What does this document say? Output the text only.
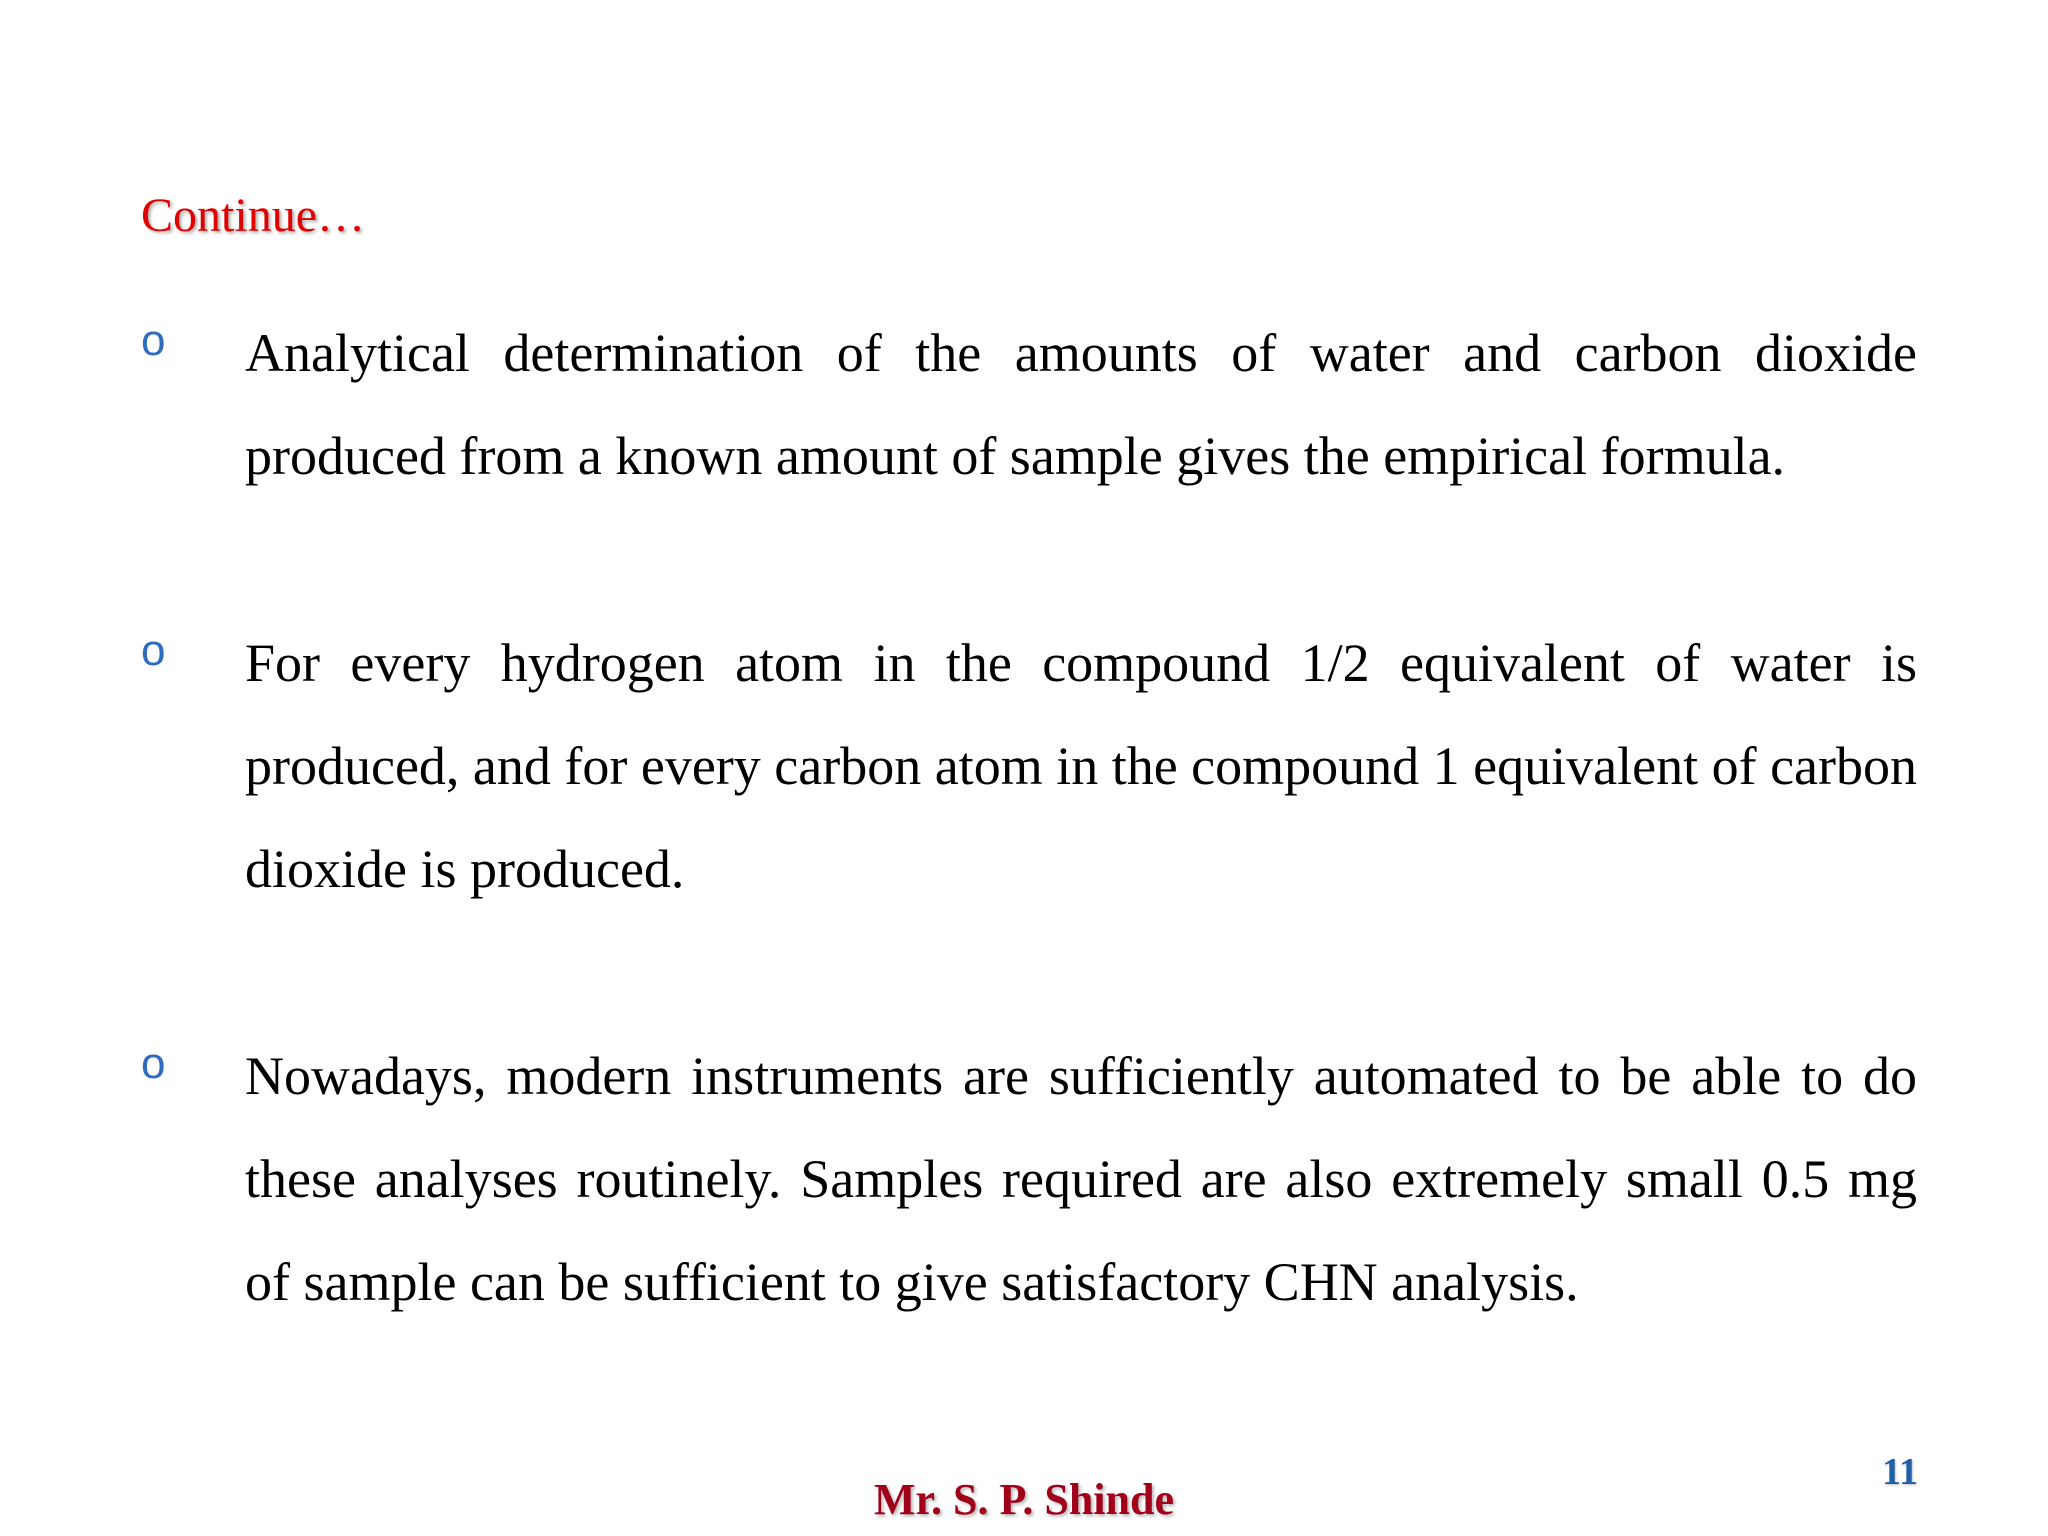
Continue…
o Analytical determination of the amounts of water and carbon dioxide produced from a known amount of sample gives the empirical formula.

o For every hydrogen atom in the compound 1/2 equivalent of water is produced, and for every carbon atom in the compound 1 equivalent of carbon dioxide is produced.

o Nowadays, modern instruments are sufficiently automated to be able to do these analyses routinely. Samples required are also extremely small 0.5 mg of sample can be sufficient to give satisfactory CHN analysis.

Mr. S. P. Shinde
11
